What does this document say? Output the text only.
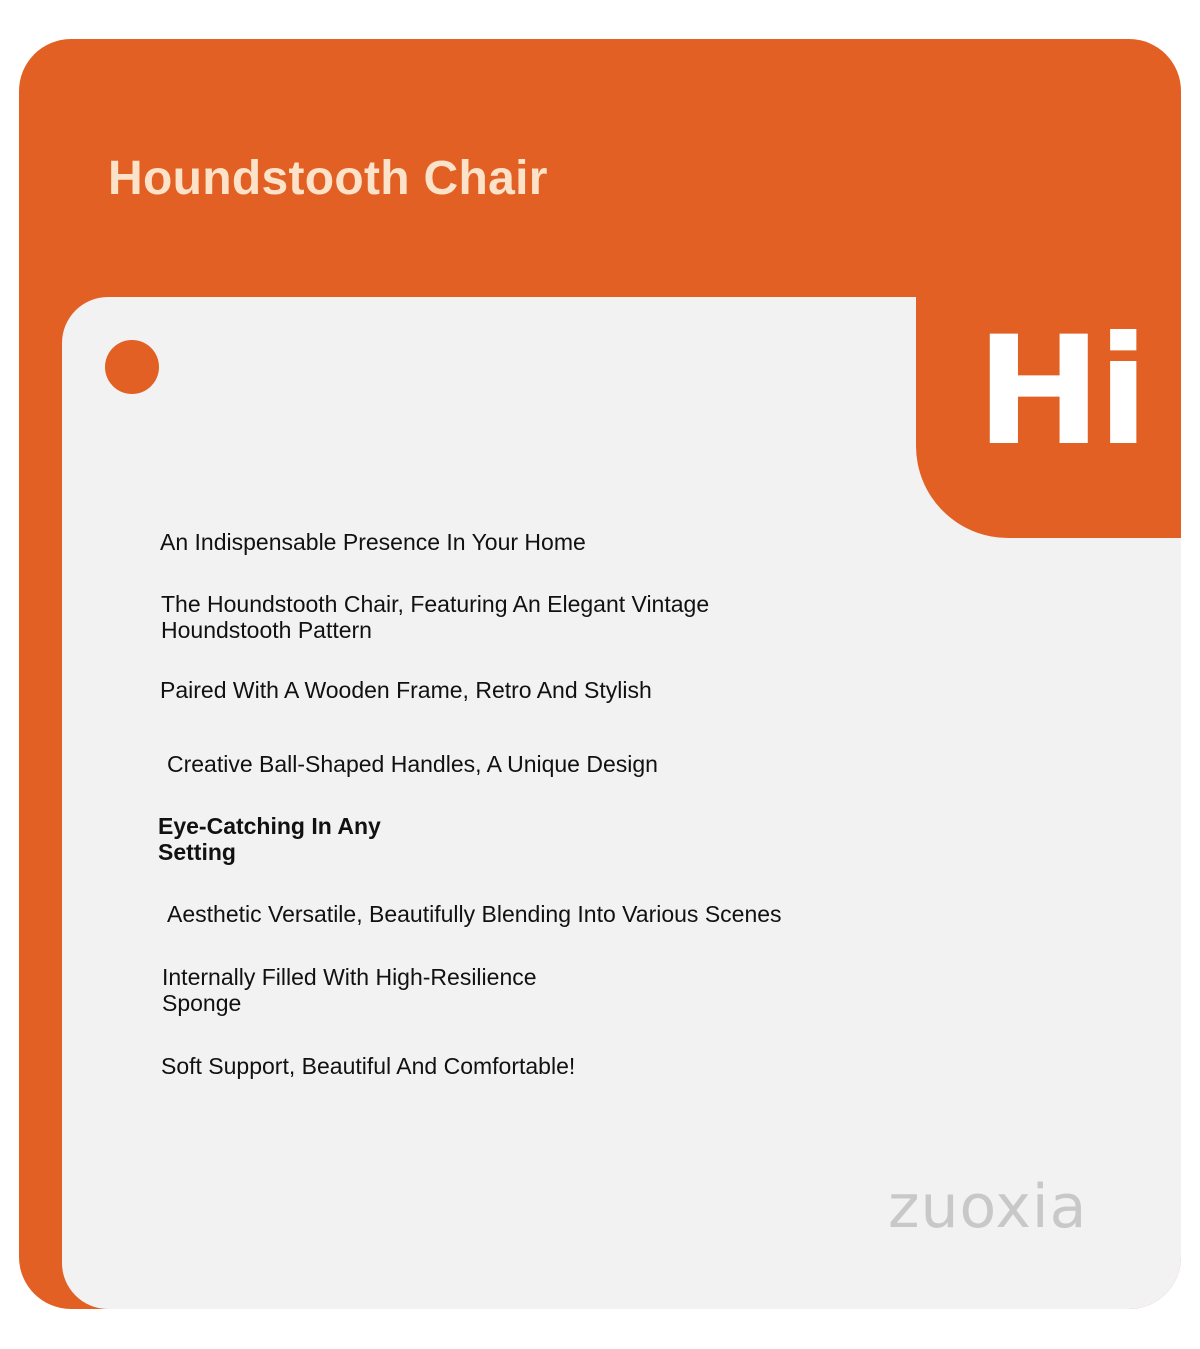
Houndstooth Chair

Hi

An Indispensable Presence In Your Home
The Houndstooth Chair, Featuring An Elegant Vintage
Houndstooth Pattern
Paired With A Wooden Frame, Retro And Stylish
Creative Ball-Shaped Handles, A Unique Design
Eye-Catching In Any
Setting
Aesthetic Versatile, Beautifully Blending Into Various Scenes
Internally Filled With High-Resilience
Sponge
Soft Support, Beautiful And Comfortable!

zuoxia
